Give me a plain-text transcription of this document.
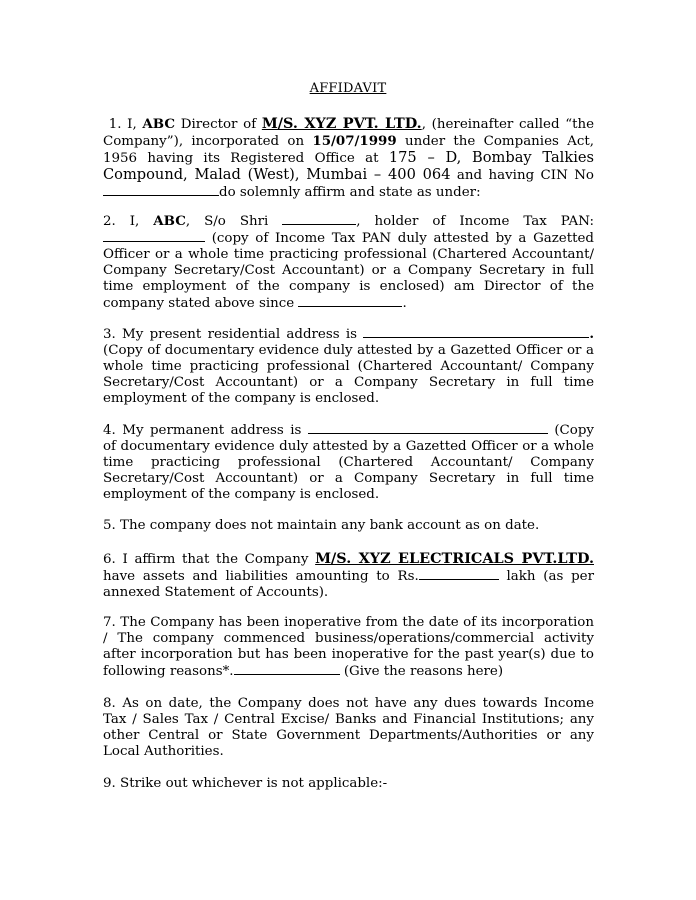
AFFIDAVIT
1. I, ABC Director of M/S. XYZ PVT. LTD., (hereinafter called “the Company”), incorporated on 15/07/1999 under the Companies Act, 1956 having its Registered Office at 175 – D, Bombay Talkies Compound, Malad (West), Mumbai – 400 064 and having CIN No do solemnly affirm and state as under:
2. I, ABC, S/o Shri	, holder of Income Tax PAN:  (copy of Income Tax PAN duly attested by a Gazetted Officer or a whole time practicing professional (Chartered Accountant/ Company Secretary/Cost Accountant) or a Company Secretary in full time employment of the company is enclosed) am Director of the company stated above since	.
3. My present residential address is	. (Copy of documentary evidence duly attested by a Gazetted Officer or a whole time practicing professional (Chartered Accountant/ Company Secretary/Cost Accountant) or a Company Secretary in full time employment of the company is enclosed.
4. My permanent address is	(Copy of documentary evidence duly attested by a Gazetted Officer or a whole time practicing professional (Chartered Accountant/ Company Secretary/Cost Accountant) or a Company Secretary in full time employment of the company is enclosed.
5. The company does not maintain any bank account as on date.
6. I affirm that the Company M/S. XYZ ELECTRICALS PVT.LTD. have assets and liabilities amounting to Rs.	lakh (as per annexed Statement of Accounts).
7. The Company has been inoperative from the date of its incorporation / The company commenced business/operations/commercial activity after incorporation but has been inoperative for the past year(s) due to following reasons*.	(Give the reasons here)
8. As on date, the Company does not have any dues towards Income Tax / Sales Tax / Central Excise/ Banks and Financial Institutions; any other Central or State Government Departments/Authorities or any Local Authorities.
9. Strike out whichever is not applicable:-
